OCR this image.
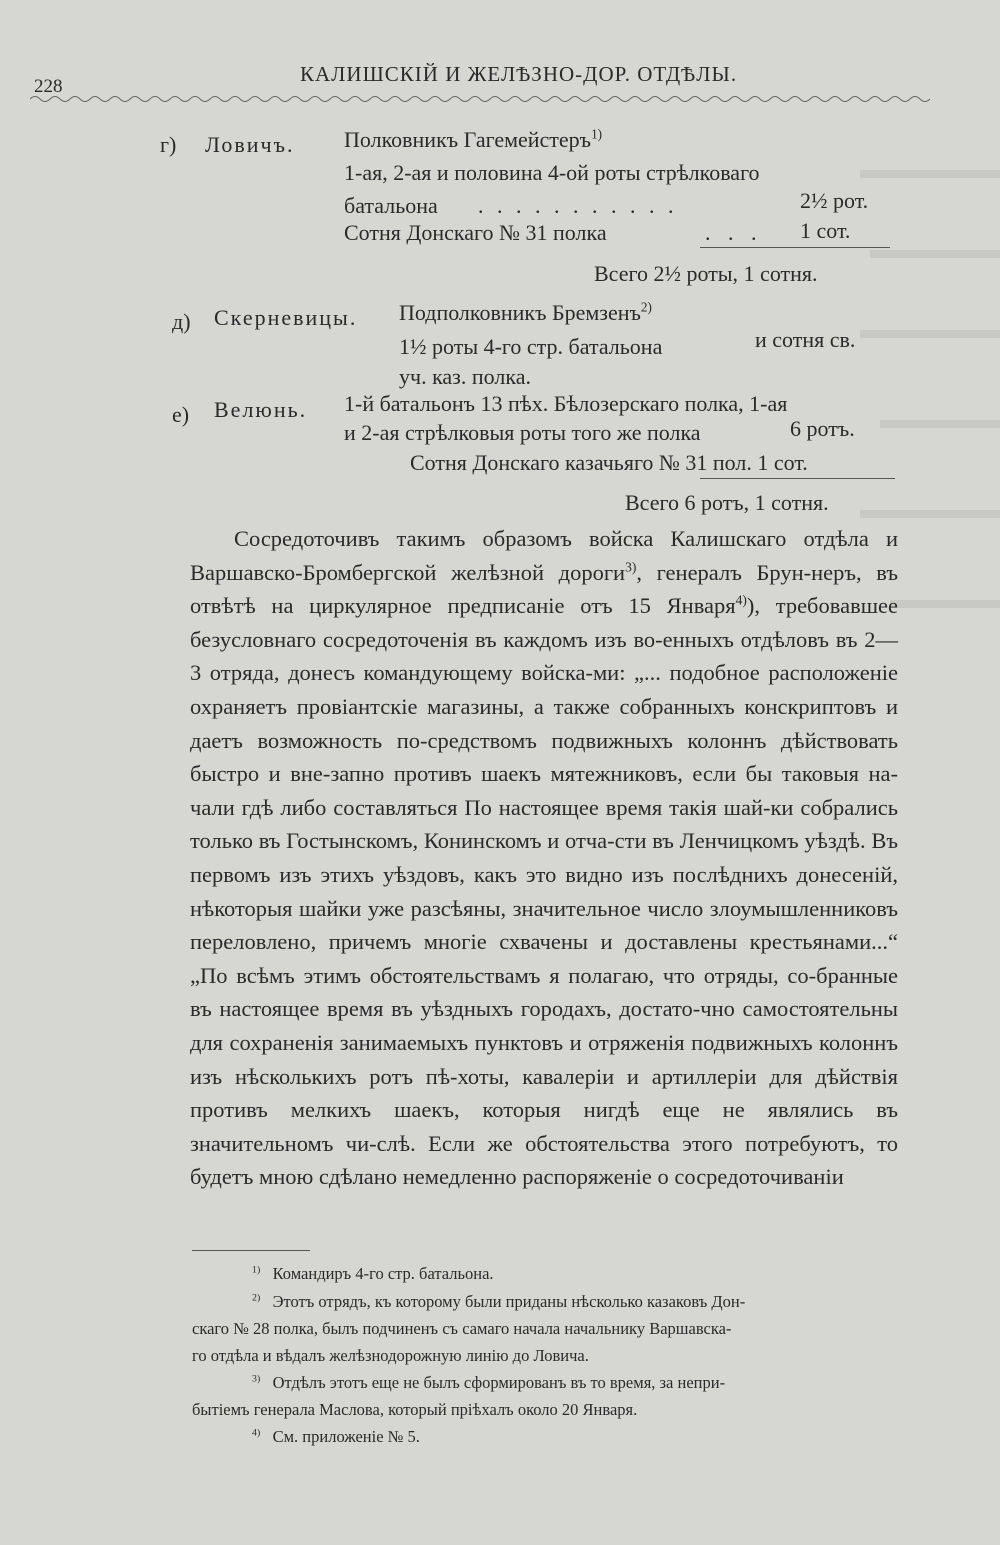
228
КАЛИШСКІЙ И ЖЕЛѢЗНО-ДОР. ОТДѢЛЫ.
г) Ловичъ. Полковникъ Гагемейстеръ$^{1)}$
1-ая, 2-ая и половина 4-ой роты стрѣлковаго
батальона . . . . . . . . . . .	2½ рот.
Сотня Донскаго № 31 полка	. . . 1 сот.
Всего 2½ роты, 1 сотня.
д) Скерневицы. Подполковникъ Бремзенъ$^{2)}$
1½ роты 4-го стр. батальона	и сотня св.
уч. каз. полка.
е) Велюнь. 1-й батальонъ 13 пѣх. Бѣлозерскаго полка, 1-ая
и 2-ая стрѣлковыя роты того же полка	6 ротъ.
Сотня Донскаго казачьяго № 31 пол. 1 сот.
Всего 6 ротъ, 1 сотня.

Сосредоточивъ такимъ образомъ войска Калишскаго отдѣла и Варшавско-Бромбергской желѣзной дороги$^{3)}$, генералъ Брун-неръ, въ отвѣтѣ на циркулярное предписаніе отъ 15 Января$^{4)}$), требовавшее безусловнаго сосредоточенія въ каждомъ изъ во-енныхъ отдѣловъ въ 2—3 отряда, донесъ командующему войска-ми: „... подобное расположеніе охраняетъ провіантскіе магазины, а также собранныхъ конскриптовъ и даетъ возможность по-средствомъ подвижныхъ колоннъ дѣйствовать быстро и вне-запно противъ шаекъ мятежниковъ, если бы таковыя на-чали гдѣ либо составляться По настоящее время такія шай-ки собрались только въ Гостынскомъ, Конинскомъ и отча-сти въ Ленчицкомъ уѣздѣ. Въ первомъ изъ этихъ уѣздовъ, какъ это видно изъ послѣднихъ донесеній, нѣкоторыя шайки уже разсѣяны, значительное число злоумышленниковъ переловлено, причемъ многіе схвачены и доставлены крестьянами...“

„По всѣмъ этимъ обстоятельствамъ я полагаю, что отряды, со-бранные въ настоящее время въ уѣздныхъ городахъ, достато-чно самостоятельны для сохраненія занимаемыхъ пунктовъ и отряженія подвижныхъ колоннъ изъ нѣсколькихъ ротъ пѣ-хоты, кавалеріи и артиллеріи для дѣйствія противъ мелкихъ шаекъ, которыя нигдѣ еще не являлись въ значительномъ чи-слѣ. Если же обстоятельства этого потребуютъ, то будетъ мною сдѣлано немедленно распоряженіе о сосредоточиваніи

$^{1)}$ Командиръ 4-го стр. батальона.
$^{2)}$ Этотъ отрядъ, къ которому были приданы нѣсколько казаковъ Дон-
скаго № 28 полка, былъ подчиненъ съ самаго начала начальнику Варшавска-
го отдѣла и вѣдалъ желѣзнодорожную линію до Ловича.
$^{3)}$ Отдѣлъ этотъ еще не былъ сформированъ въ то время, за непри-
бытіемъ генерала Маслова, который пріѣхалъ около 20 Января.
$^{4)}$ См. приложеніе № 5.
